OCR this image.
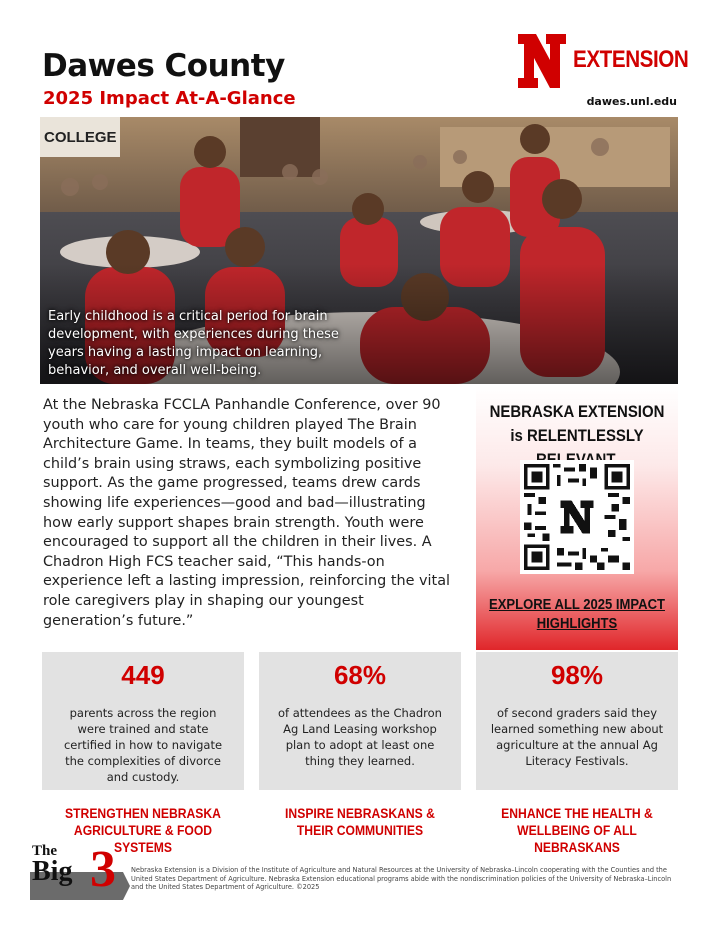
Dawes County
2025 Impact At-A-Glance
EXTENSION
dawes.unl.edu
Early childhood is a critical period for brain development, with experiences during these years having a lasting impact on learning, behavior, and overall well-being.
At the Nebraska FCCLA Panhandle Conference, over 90 youth who care for young children played The Brain Architecture Game. In teams, they built models of a child’s brain using straws, each symbolizing positive support. As the game progressed, teams drew cards showing life experiences—good and bad—illustrating how early support shapes brain strength. Youth were encouraged to support all the children in their lives. A Chadron High FCS teacher said, “This hands-on experience left a lasting impression, reinforcing the vital role caregivers play in shaping our youngest generation’s future.”
NEBRASKA EXTENSION is RELENTLESSLY
EXPLORE ALL 2025 IMPACT HIGHLIGHTS
449
parents across the region were trained and state certified in how to navigate the complexities of divorce and custody.
68%
of attendees as the Chadron Ag Land Leasing workshop plan to adopt at least one thing they learned.
98%
of second graders said they learned something new about agriculture at the annual Ag Literacy Festivals.
STRENGTHEN NEBRASKA AGRICULTURE & FOOD SYSTEMS
INSPIRE NEBRASKANS & THEIR COMMUNITIES
ENHANCE THE HEALTH & WELLBEING OF ALL NEBRASKANS
The
Big 3 Nebraska Extension is a Division of the Institute of Agriculture and Natural Resources at the University of Nebraska–Lincoln cooperating with the Counties and the United States Department of Agriculture. Nebraska Extension educational programs abide with the nondiscrimination policies of the University of Nebraska–Lincoln and the United States Department of Agriculture. ©2025
